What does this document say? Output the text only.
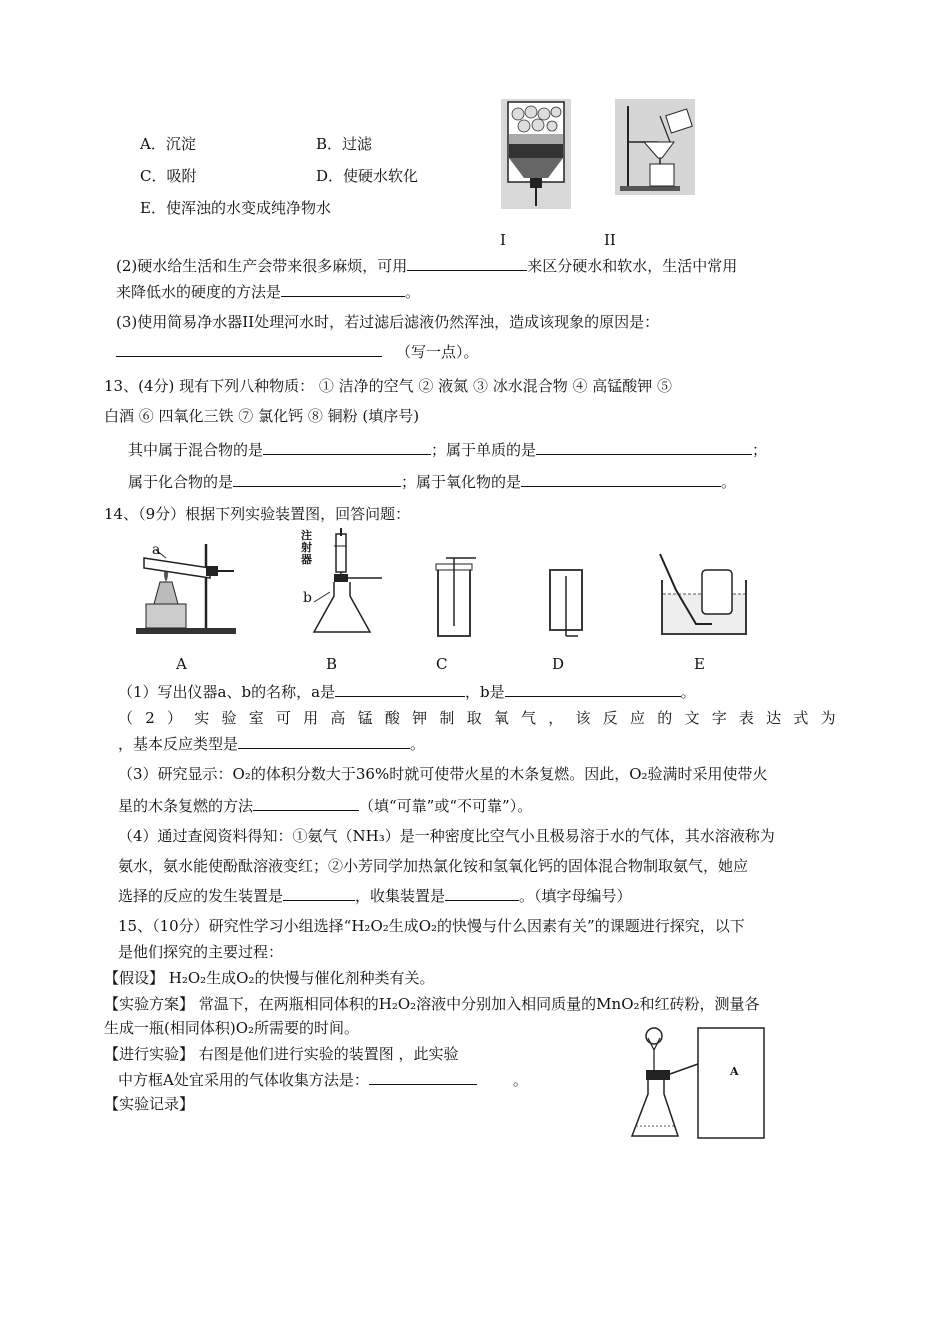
A．沉淀	B．过滤
C．吸附	D．使硬水软化
E．使浑浊的水变成纯净物水
I	II
(2)硬水给生活和生产会带来很多麻烦，可用	来区分硬水和软水，生活中常用
来降低水的硬度的方法是	。
(3)使用简易净水器II处理河水时，若过滤后滤液仍然浑浊，造成该现象的原因是：
（写一点）。
13、(4分) 现有下列八种物质： ① 洁净的空气 ② 液氮 ③ 冰水混合物 ④ 高锰酸钾 ⑤
白酒 ⑥ 四氧化三铁 ⑦ 氯化钙 ⑧ 铜粉 (填序号)
其中属于混合物的是	；属于单质的是	；
属于化合物的是	；属于氧化物的是	。
14、（9分）根据下列实验装置图，回答问题：
a
注射器
b
A	B	C	D	E
（1）写出仪器a、b的名称，a是	，b是	。
（ 2 ） 实 验 室 可 用 高 锰 酸 钾 制 取 氧 气 ， 该 反 应 的 文 字 表 达 式 为
，基本反应类型是	。
（3）研究显示：O₂的体积分数大于36%时就可使带火星的木条复燃。因此，O₂验满时采用使带火
星的木条复燃的方法	（填“可靠”或“不可靠”）。
（4）通过查阅资料得知：①氨气（NH₃）是一种密度比空气小且极易溶于水的气体，其水溶液称为
氨水，氨水能使酚酞溶液变红；②小芳同学加热氯化铵和氢氧化钙的固体混合物制取氨气，她应
选择的反应的发生装置是	，收集装置是	。（填字母编号）
15、（10分）研究性学习小组选择“H₂O₂生成O₂的快慢与什么因素有关”的课题进行探究，以下
是他们探究的主要过程：
【假设】 H₂O₂生成O₂的快慢与催化剂种类有关。
【实验方案】 常温下，在两瓶相同体积的H₂O₂溶液中分别加入相同质量的MnO₂和红砖粉，测量各
生成一瓶(相同体积)O₂所需要的时间。
【进行实验】 右图是他们进行实验的装置图 ，此实验
中方框A处宜采用的气体收集方法是：	。
【实验记录】
A
